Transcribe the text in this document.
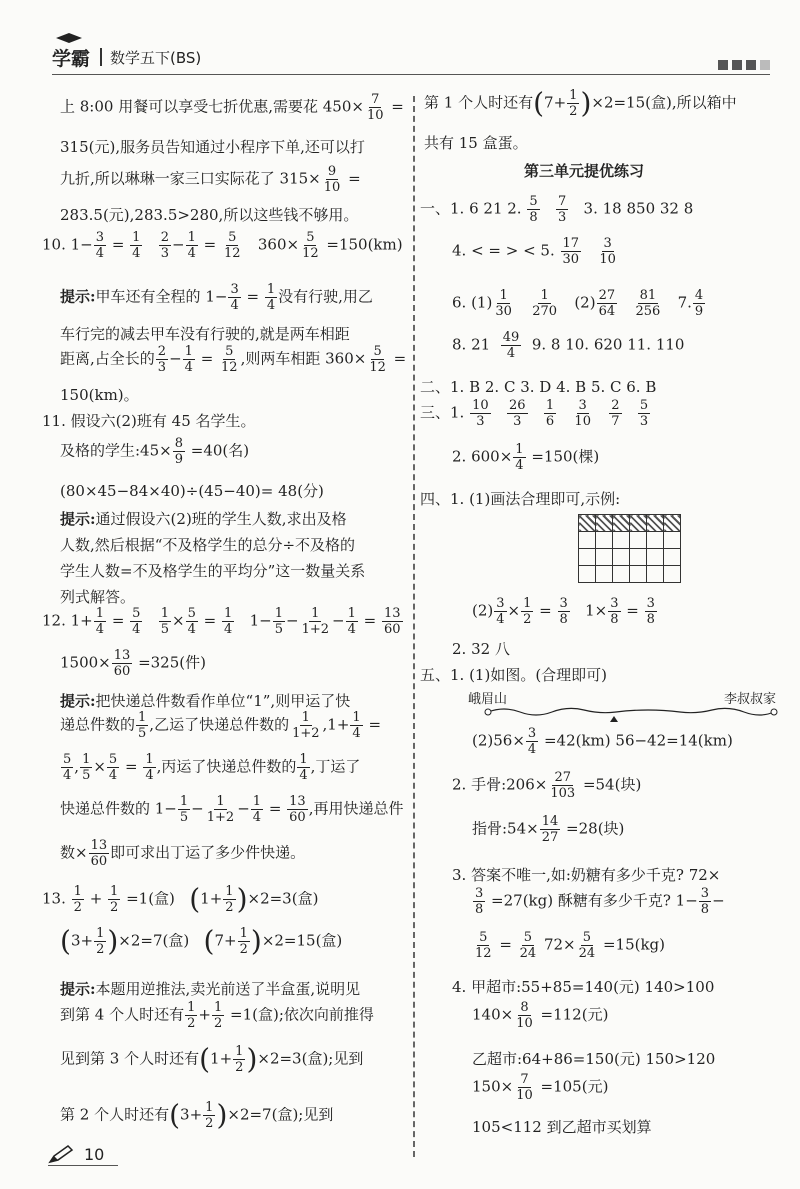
学霸 数学五下(BS)
上 8:00 用餐可以享受七折优惠,需要花 $450\times \frac{7}{10}$ =
315(元),服务员告知通过小程序下单,还可以打
九折,所以琳琳一家三口实际花了 $315\times \frac{9}{10}$ =
283.5(元),283.5>280,所以这些钱不够用。
10. $1- \frac{3}{4} = \frac{1}{4}$
$\frac{2}{3} - \frac{1}{4} = \frac{5}{12} 360\times \frac{5}{12} =150(km)$
提示:甲车还有全程的 $1- \frac{3}{4} = \frac{1}{4}$ 没有行驶,用乙
车行完的减去甲车没有行驶的,就是两车相距
距离,占全长的 $\frac{2}{3} - \frac{1}{4} = \frac{5}{12}$ ,则两车相距 $360\times \frac{5}{12}$ =
150(km)。
11. 假设六(2)班有 45 名学生。
及格的学生:45× $\frac{8}{9} =40$(名)
(80×45−84×40)÷(45−40)= 48(分)
提示:通过假设六(2)班的学生人数,求出及格
人数,然后根据“不及格学生的总分÷不及格的
学生人数=不及格学生的平均分”这一数量关系
列式解答。
12. $1+ \frac{1}{4} = \frac{5}{4}$
$\frac{1}{5} \times \frac{5}{4} = \frac{1}{4} 1- \frac{1}{5} - \frac{1}{1+2} - \frac{1}{4} = \frac{13}{60}$
$1500\times \frac{13}{60} =325$(件)
提示:把快递总件数看作单位“1”,则甲运了快
递总件数的 $\frac{1}{5}$ ,乙运了快递总件数的 $\frac{1}{1+2} ,1+ \frac{1}{4}$ =
$\frac{5}{4}$ , $\frac{1}{5} \times \frac{5}{4} = \frac{1}{4}$ ,丙运了快递总件数的 $\frac{1}{4}$ ,丁运了
快递总件数的 $1- \frac{1}{5} - \frac{1}{1+2} - \frac{1}{4} = \frac{13}{60}$ ,再用快递总件
数× $\frac{13}{60}$ 即可求出丁运了多少件快递。
13. $\frac{1}{2} + \frac{1}{2} =1$(盒) $(1+ \frac{1}{2} )\times 2=3$(盒)
$(3+ \frac{1}{2} )\times 2=7$(盒) $(7+ \frac{1}{2} )\times 2=15$(盒)
提示:本题用逆推法,卖光前送了半盒蛋,说明见
到第 4 个人时还有 $\frac{1}{2} + \frac{1}{2} =1$(盒);依次向前推得
见到第 3 个人时还有$(1+ \frac{1}{2} )\times 2=3$(盒);见到
第 2 个人时还有$(3+ \frac{1}{2} )\times 2=7$(盒);见到
第 1 个人时还有$(7+ \frac{1}{2} )\times 2=15$(盒),所以箱中
共有 15 盒蛋。
第三单元提优练习
一、1. 6 21 2. $\frac{5}{8}$
$\frac{7}{3} 3$. 18 850 32 8
4. < = > < 5. $\frac{17}{30}$
$\frac{3}{10}$
6. $(1) \frac{1}{30}$
$\frac{1}{270} (2) \frac{27}{64}$
$\frac{81}{256} 7$. $\frac{4}{9}$
8. $21 \frac{49}{4} 9$. 8 10. 620 11. 110
二、1. B 2. C 3. D 4. B 5. C 6. B
三、1. $\frac{10}{3}$
$\frac{26}{3}$
$\frac{1}{6}$
$\frac{3}{10}$
$\frac{2}{7}$
$\frac{5}{3}$
2. $600\times \frac{1}{4} =150$(棵)
四、1. (1)画法合理即可,示例:

$(2) \frac{3}{4} \times \frac{1}{2} = \frac{3}{8} 1\times \frac{3}{8} = \frac{3}{8}$
2. 32 八
五、1. (1)如图。(合理即可)
峨眉山	李叔叔家
$(2)56\times \frac{3}{4} =42(km)$ 56−42=14(km)
2. 手骨:206× $\frac{27}{103} =54$(块)
指骨:54× $\frac{14}{27} =28$(块)
3. 答案不唯一,如:奶糖有多少千克? 72×
$\frac{3}{8} =27(kg)$ 酥糖有多少千克? $1- \frac{3}{8}$ −
$\frac{5}{12} = \frac{5}{24} 72\times \frac{5}{24} =15(kg)$
4. 甲超市:55+85=140(元) 140>100
$140\times \frac{8}{10} =112$(元)
乙超市:64+86=150(元) 150>120
$150\times \frac{7}{10} =105$(元)
105<112 到乙超市买划算
10
